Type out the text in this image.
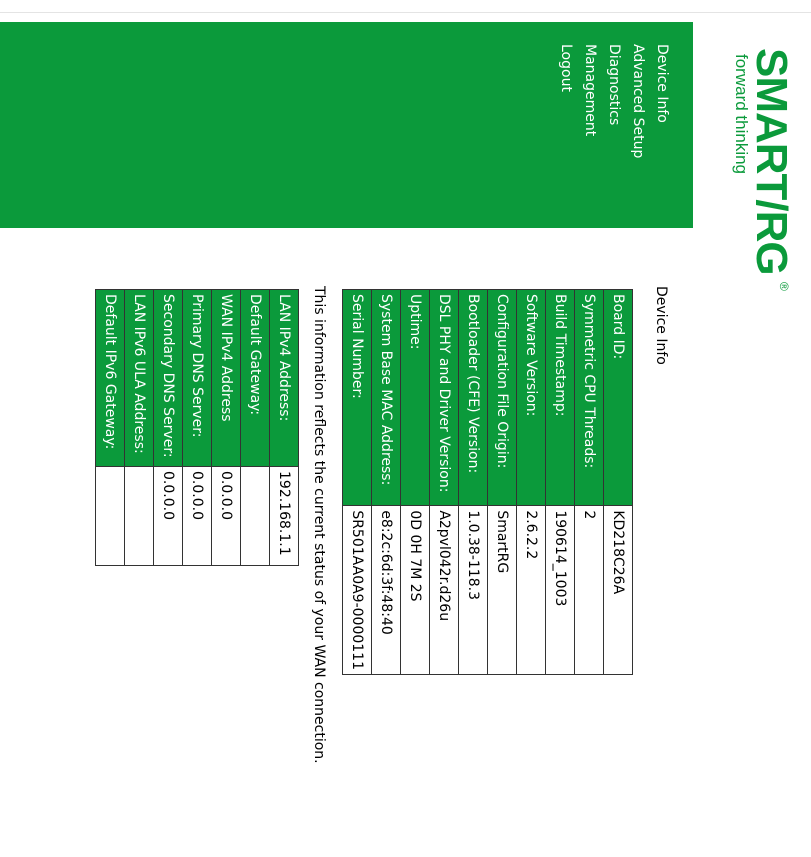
SMART/RG
®
forward thinking
Device Info
Advanced Setup
Diagnostics
Management
Logout
Device Info
Board ID:	KD218C26A
Symmetric CPU Threads:	2
Build Timestamp:	190614_1003
Software Version:	2.6.2.2
Configuration File Origin:	SmartRG
Bootloader (CFE) Version:	1.0.38-118.3
DSL PHY and Driver Version:	A2pvl042r.d26u
Uptime:	0D 0H 7M 2S
System Base MAC Address:	e8:2c:6d:3f:48:40
Serial Number:	SR501AA0A9-0000111
This information reflects the current status of your WAN connection.
LAN IPv4 Address:	192.168.1.1
Default Gateway:	
WAN IPv4 Address	0.0.0.0
Primary DNS Server:	0.0.0.0
Secondary DNS Server:	0.0.0.0
LAN IPv6 ULA Address:	
Default IPv6 Gateway:	
